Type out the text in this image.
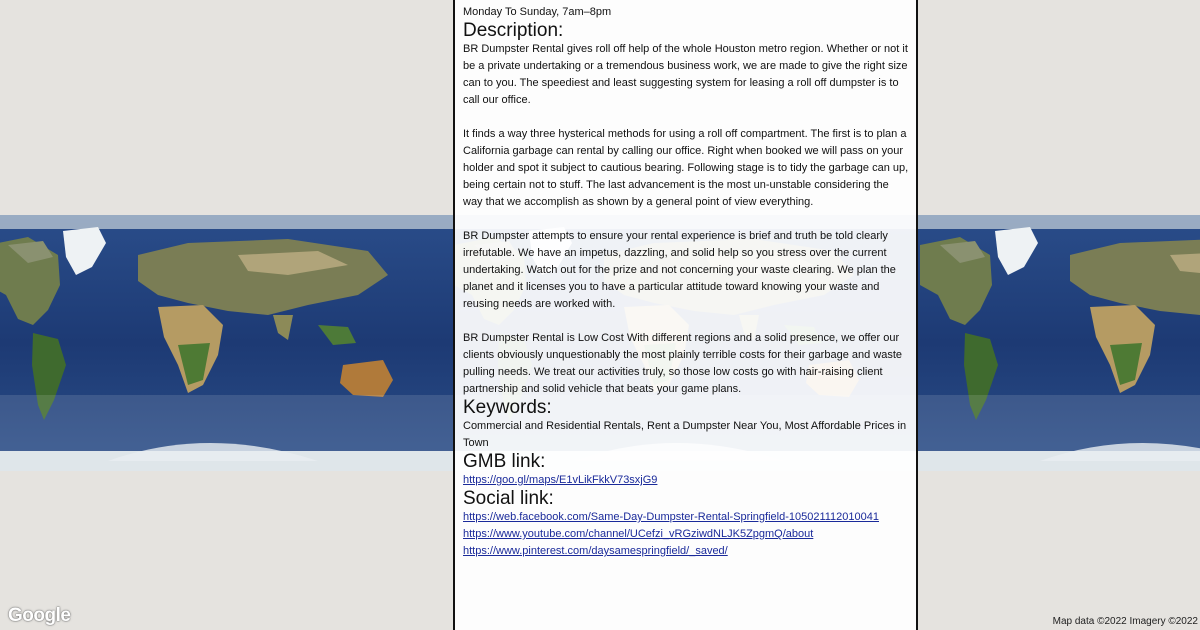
Google	Map data ©2022 Imagery ©2022

Monday To Sunday, 7am–8pm

Description:

BR Dumpster Rental gives roll off help of the whole Houston metro region. Whether or not it be a private undertaking or a tremendous business work, we are made to give the right size can to you. The speediest and least suggesting system for leasing a roll off dumpster is to call our office.

It finds a way three hysterical methods for using a roll off compartment. The first is to plan a California garbage can rental by calling our office. Right when booked we will pass on your holder and spot it subject to cautious bearing. Following stage is to tidy the garbage can up, being certain not to stuff. The last advancement is the most un-unstable considering the way that we accomplish as shown by a general point of view everything.

BR Dumpster attempts to ensure your rental experience is brief and truth be told clearly irrefutable. We have an impetus, dazzling, and solid help so you stress over the current undertaking. Watch out for the prize and not concerning your waste clearing. We plan the planet and it licenses you to have a particular attitude toward knowing your waste and reusing needs are worked with.

BR Dumpster Rental is Low Cost With different regions and a solid presence, we offer our clients obviously unquestionably the most plainly terrible costs for their garbage and waste pulling needs. We treat our activities truly, so those low costs go with hair-raising client partnership and solid vehicle that beats your game plans.

Keywords:

Commercial and Residential Rentals, Rent a Dumpster Near You, Most Affordable Prices in Town

GMB link:
https://goo.gl/maps/E1vLikFkkV73sxjG9
Social link:
https://web.facebook.com/Same-Day-Dumpster-Rental-Springfield-105021112010041
https://www.youtube.com/channel/UCefzi_vRGziwdNLJK5ZpgmQ/about
https://www.pinterest.com/daysamespringfield/_saved/
